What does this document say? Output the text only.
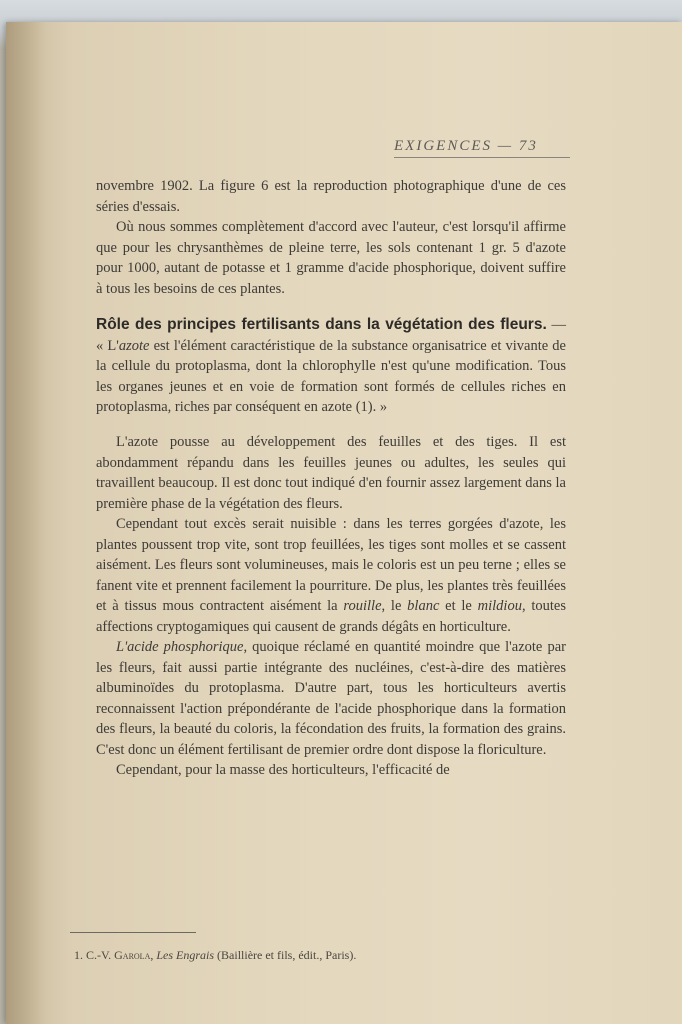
EXIGENCES — 73

novembre 1902. La figure 6 est la reproduction photographique d'une de ces séries d'essais.

Où nous sommes complètement d'accord avec l'auteur, c'est lorsqu'il affirme que pour les chrysanthèmes de pleine terre, les sols contenant 1 gr. 5 d'azote pour 1000, autant de potasse et 1 gramme d'acide phosphorique, doivent suffire à tous les besoins de ces plantes.

Rôle des principes fertilisants dans la végétation des fleurs. — « L'azote est l'élément caractéristique de la substance organisatrice et vivante de la cellule du protoplasma, dont la chlorophylle n'est qu'une modification. Tous les organes jeunes et en voie de formation sont formés de cellules riches en protoplasma, riches par conséquent en azote (1). »

L'azote pousse au développement des feuilles et des tiges. Il est abondamment répandu dans les feuilles jeunes ou adultes, les seules qui travaillent beaucoup. Il est donc tout indiqué d'en fournir assez largement dans la première phase de la végétation des fleurs.

Cependant tout excès serait nuisible : dans les terres gorgées d'azote, les plantes poussent trop vite, sont trop feuillées, les tiges sont molles et se cassent aisément. Les fleurs sont volumineuses, mais le coloris est un peu terne ; elles se fanent vite et prennent facilement la pourriture. De plus, les plantes très feuillées et à tissus mous contractent aisément la rouille, le blanc et le mildiou, toutes affections cryptogamiques qui causent de grands dégâts en horticulture.

L'acide phosphorique, quoique réclamé en quantité moindre que l'azote par les fleurs, fait aussi partie intégrante des nucléines, c'est-à-dire des matières albuminoïdes du protoplasma. D'autre part, tous les horticulteurs avertis reconnaissent l'action prépondérante de l'acide phosphorique dans la formation des fleurs, la beauté du coloris, la fécondation des fruits, la formation des grains. C'est donc un élément fertilisant de premier ordre dont dispose la floriculture.

Cependant, pour la masse des horticulteurs, l'efficacité de

1. C.-V. Garola, Les Engrais (Baillière et fils, édit., Paris).
